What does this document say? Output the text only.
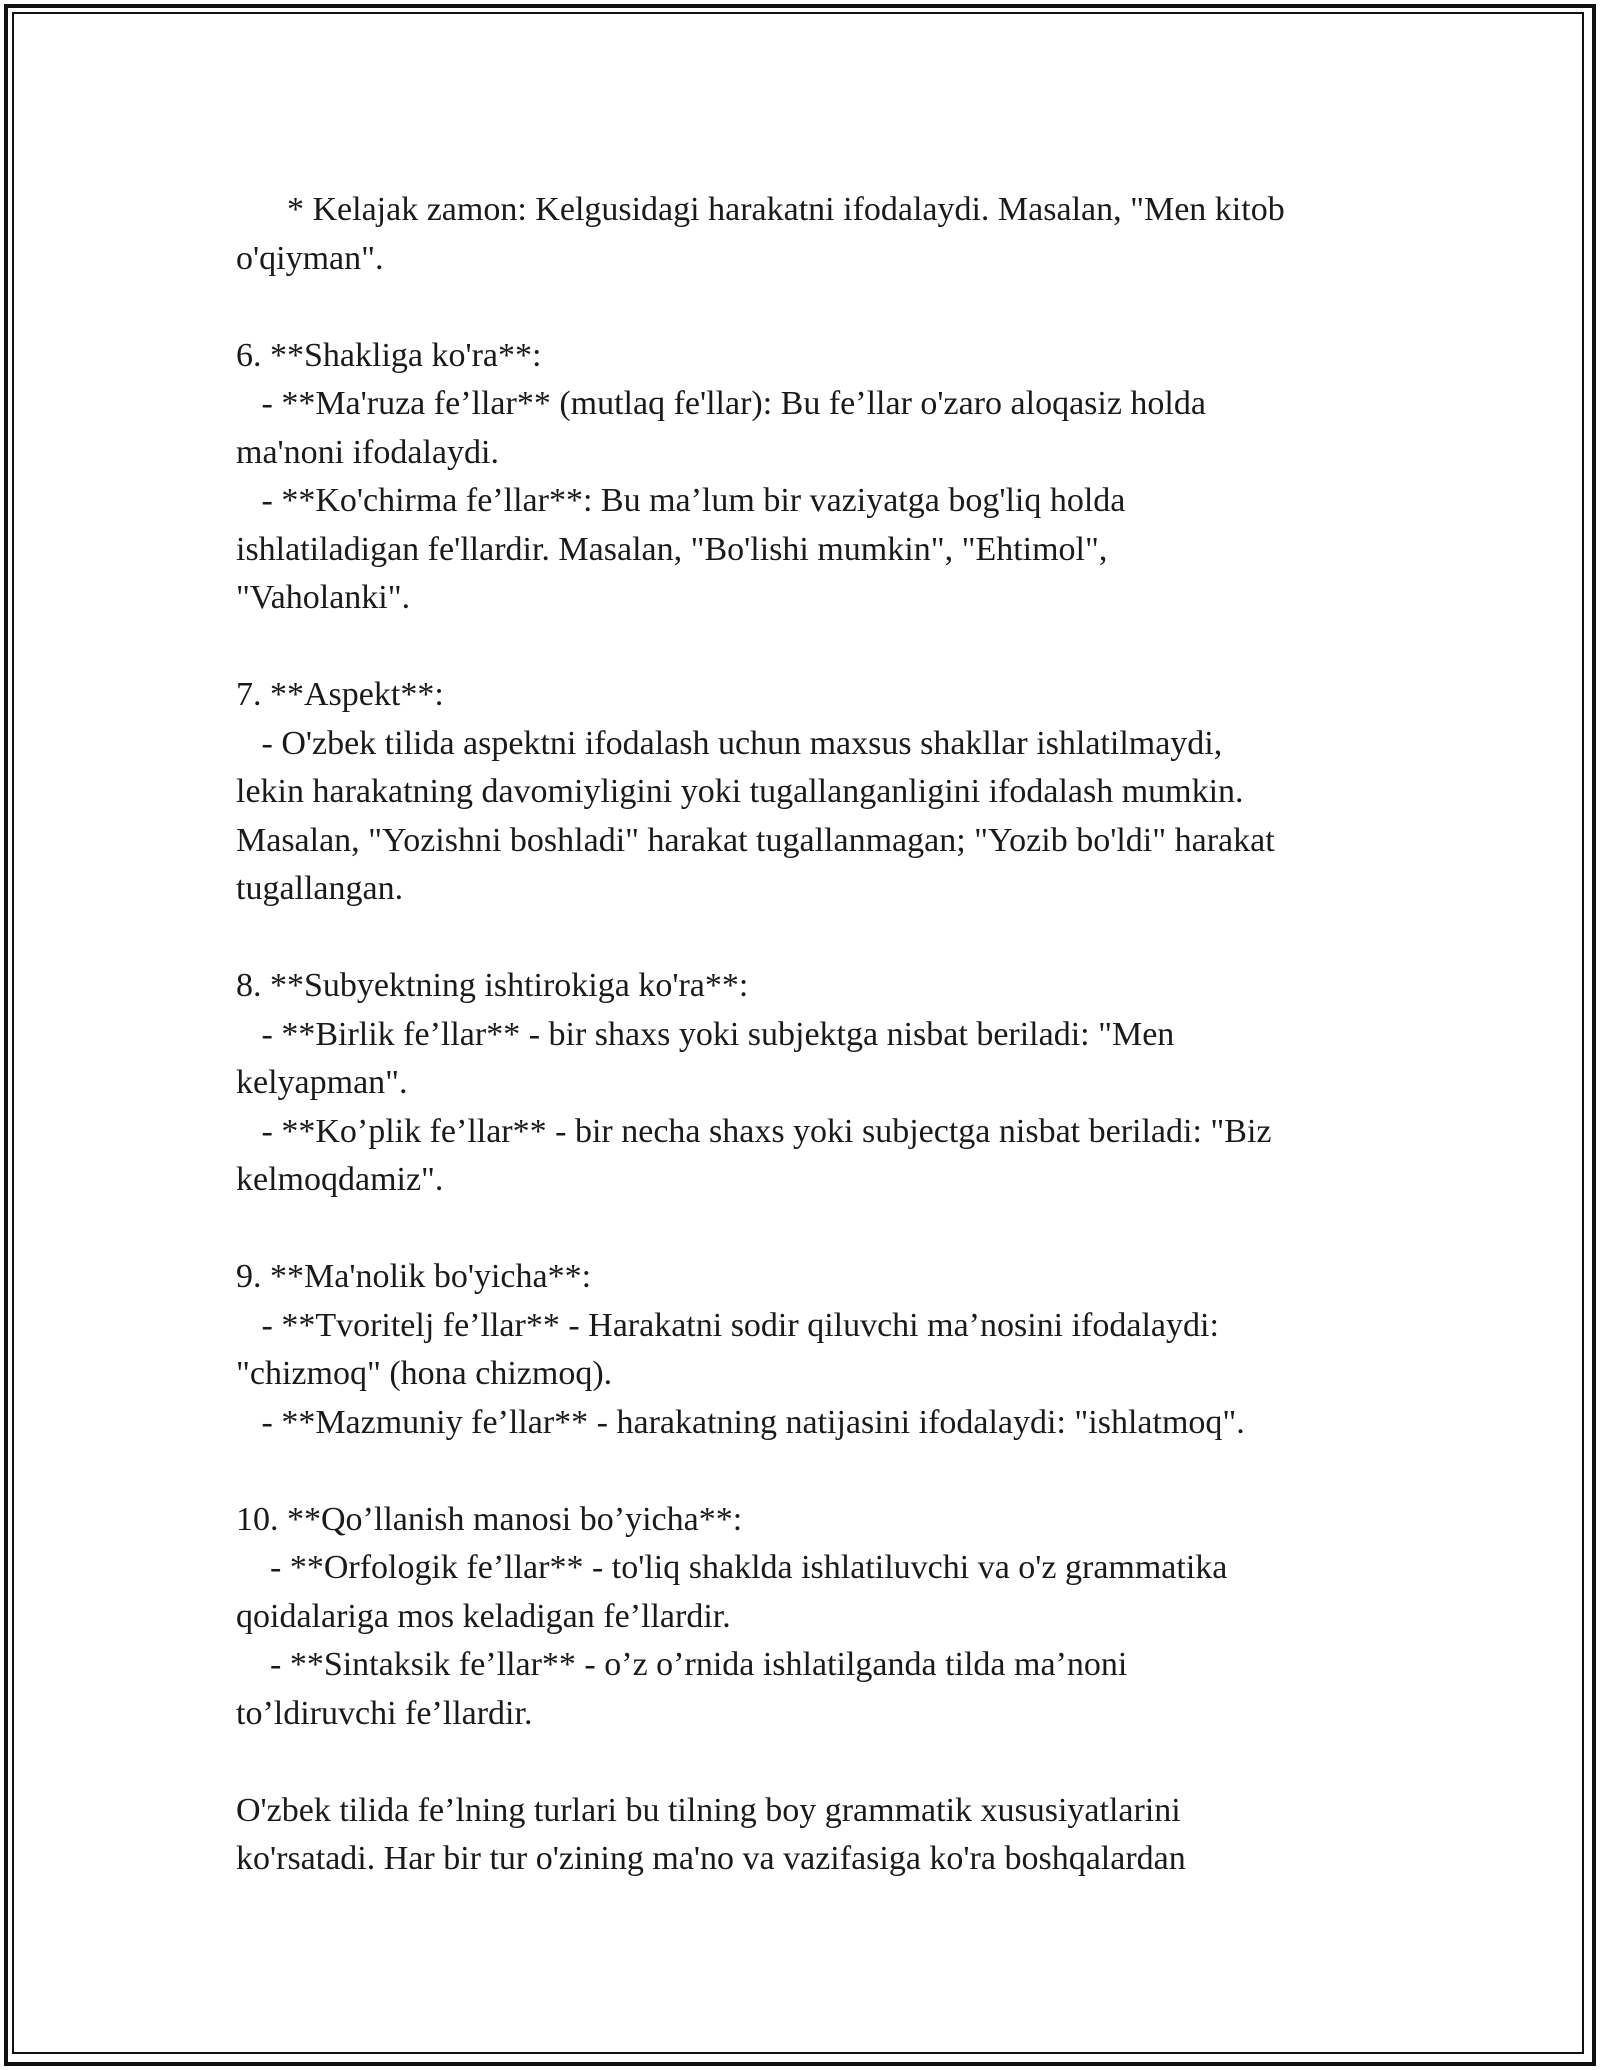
* Kelajak zamon: Kelgusidagi harakatni ifodalaydi. Masalan, "Men kitob
o'qiyman".
6. **Shakliga ko'ra**:
- **Ma'ruza fe’llar** (mutlaq fe'llar): Bu fe’llar o'zaro aloqasiz holda
ma'noni ifodalaydi.
- **Ko'chirma fe’llar**: Bu ma’lum bir vaziyatga bog'liq holda
ishlatiladigan fe'llardir. Masalan, "Bo'lishi mumkin", "Ehtimol",
"Vaholanki".
7. **Aspekt**:
- O'zbek tilida aspektni ifodalash uchun maxsus shakllar ishlatilmaydi,
lekin harakatning davomiyligini yoki tugallanganligini ifodalash mumkin.
Masalan, "Yozishni boshladi" harakat tugallanmagan; "Yozib bo'ldi" harakat
tugallangan.
8. **Subyektning ishtirokiga ko'ra**:
- **Birlik fe’llar** - bir shaxs yoki subjektga nisbat beriladi: "Men
kelyapman".
- **Ko’plik fe’llar** - bir necha shaxs yoki subjectga nisbat beriladi: "Biz
kelmoqdamiz".
9. **Ma'nolik bo'yicha**:
- **Tvoritelj fe’llar** - Harakatni sodir qiluvchi ma’nosini ifodalaydi:
"chizmoq" (hona chizmoq).
- **Mazmuniy fe’llar** - harakatning natijasini ifodalaydi: "ishlatmoq".
10. **Qo’llanish manosi bo’yicha**:
- **Orfologik fe’llar** - to'liq shaklda ishlatiluvchi va o'z grammatika
qoidalariga mos keladigan fe’llardir.
- **Sintaksik fe’llar** - o’z o’rnida ishlatilganda tilda ma’noni
to’ldiruvchi fe’llardir.
O'zbek tilida fe’lning turlari bu tilning boy grammatik xususiyatlarini
ko'rsatadi. Har bir tur o'zining ma'no va vazifasiga ko'ra boshqalardan
